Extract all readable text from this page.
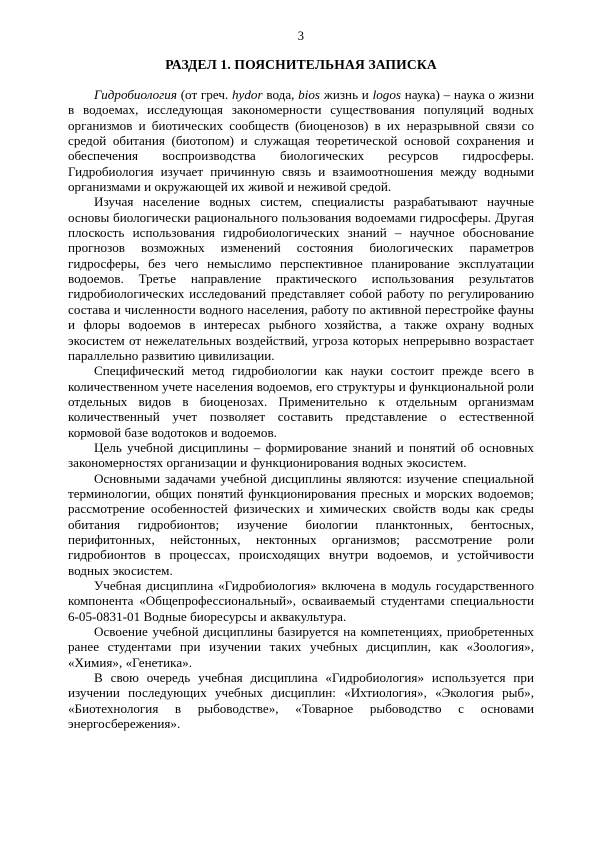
3
РАЗДЕЛ 1. ПОЯСНИТЕЛЬНАЯ ЗАПИСКА

Гидробиология (от греч. hydor вода, bios жизнь и logos наука) – наука о жизни в водоемах, исследующая закономерности существования популяций водных организмов и биотических сообществ (биоценозов) в их неразрывной связи со средой обитания (биотопом) и служащая теоретической основой сохранения и обеспечения воспроизводства биологических ресурсов гидросферы. Гидробиология изучает причинную связь и взаимоотношения между водными организмами и окружающей их живой и неживой средой.

Изучая население водных систем, специалисты разрабатывают научные основы биологически рационального пользования водоемами гидросферы. Другая плоскость использования гидробиологических знаний – научное обоснование прогнозов возможных изменений состояния биологических параметров гидросферы, без чего немыслимо перспективное планирование эксплуатации водоемов. Третье направление практического использования результатов гидробиологических исследований представляет собой работу по регулированию состава и численности водного населения, работу по активной перестройке фауны и флоры водоемов в интересах рыбного хозяйства, а также охрану водных экосистем от нежелательных воздействий, угроза которых непрерывно возрастает параллельно развитию цивилизации.

Специфический метод гидробиологии как науки состоит прежде всего в количественном учете населения водоемов, его структуры и функциональной роли отдельных видов в биоценозах. Применительно к отдельным организмам количественный учет позволяет составить представление о естественной кормовой базе водотоков и водоемов.

Цель учебной дисциплины – формирование знаний и понятий об основных закономерностях организации и функционирования водных экосистем.

Основными задачами учебной дисциплины являются: изучение специальной терминологии, общих понятий функционирования пресных и морских водоемов; рассмотрение особенностей физических и химических свойств воды как среды обитания гидробионтов; изучение биологии планктонных, бентосных, перифитонных, нейстонных, нектонных организмов; рассмотрение роли гидробионтов в процессах, происходящих внутри водоемов, и устойчивости водных экосистем.

Учебная дисциплина «Гидробиология» включена в модуль государственного компонента «Общепрофессиональный», осваиваемый студентами специальности 6-05-0831-01 Водные биоресурсы и аквакультура.

Освоение учебной дисциплины базируется на компетенциях, приобретенных ранее студентами при изучении таких учебных дисциплин, как «Зоология», «Химия», «Генетика».

В свою очередь учебная дисциплина «Гидробиология» используется при изучении последующих учебных дисциплин: «Ихтиология», «Экология рыб», «Биотехнология в рыбоводстве», «Товарное рыбоводство с основами энергосбережения».
